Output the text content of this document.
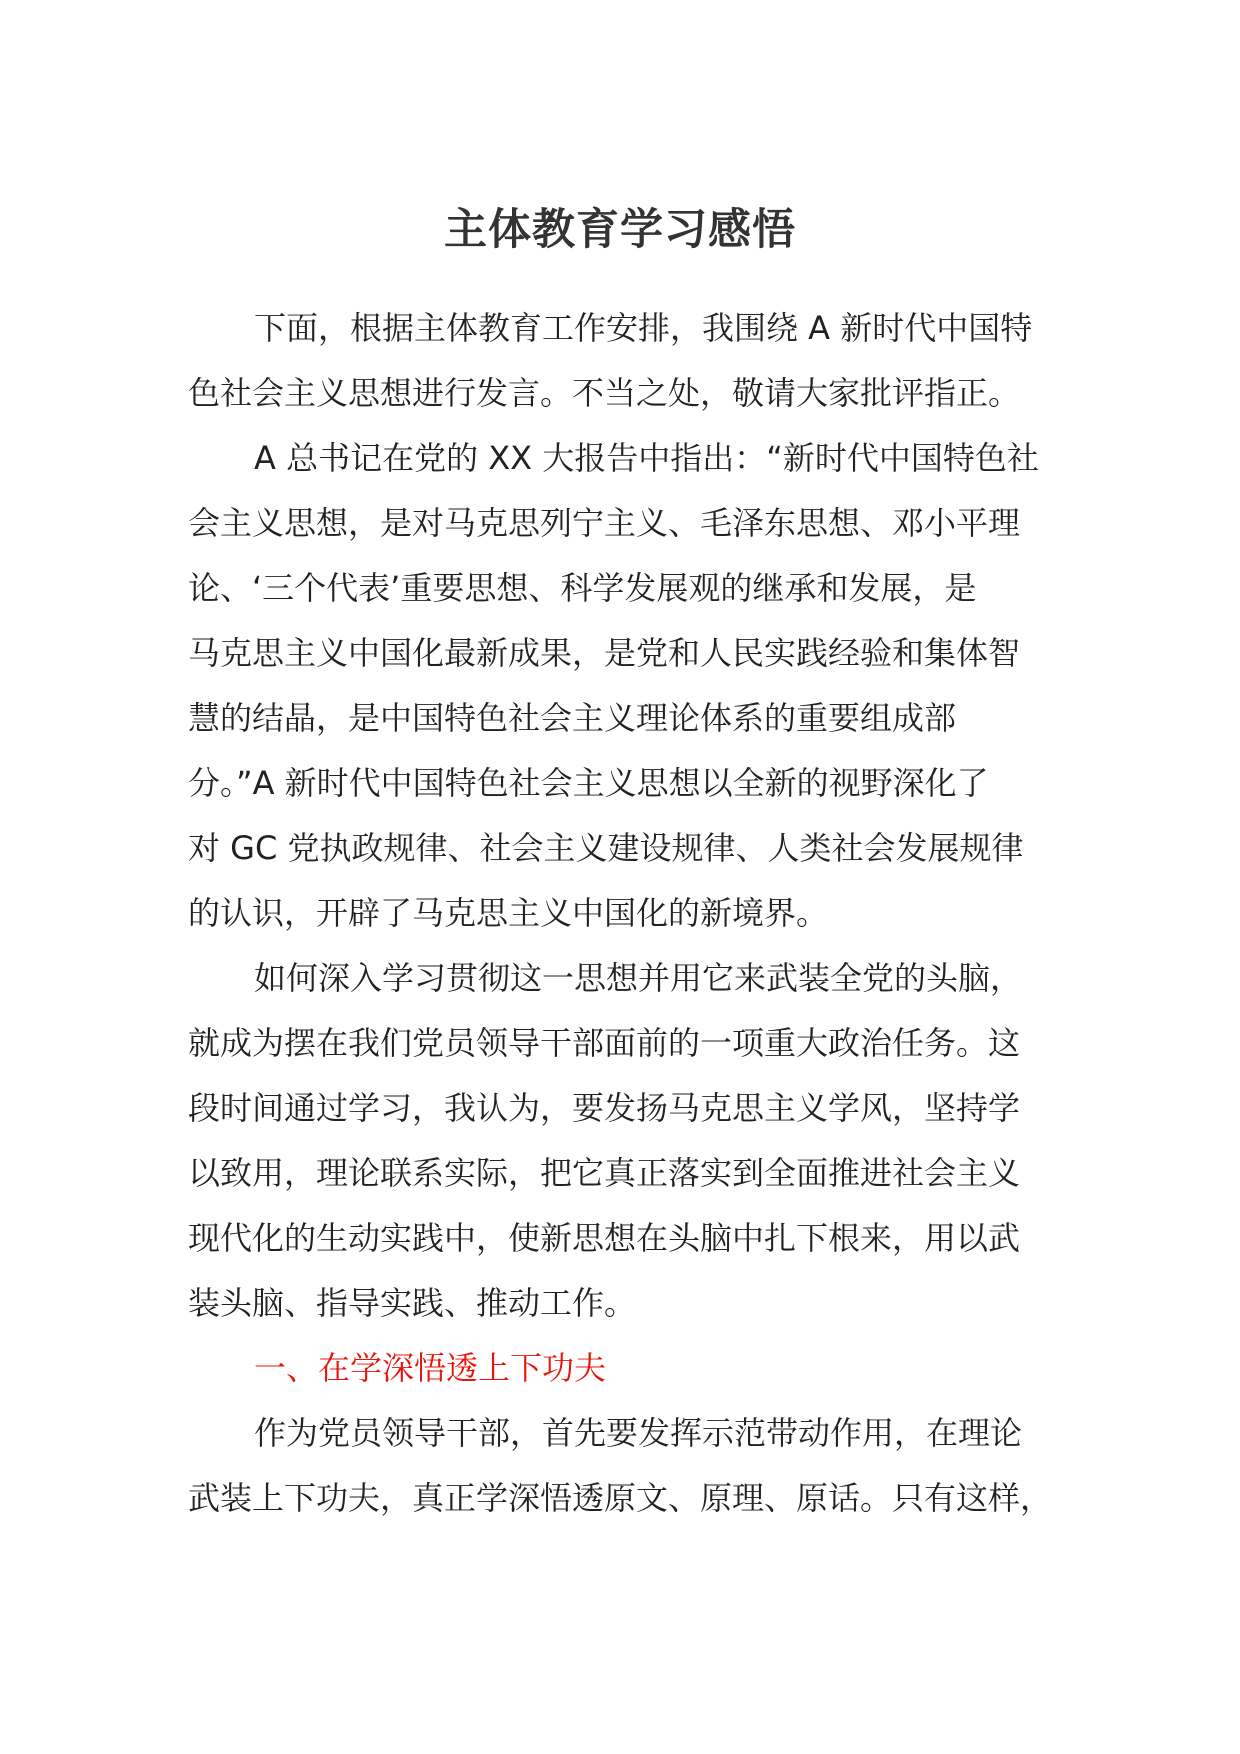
主体教育学习感悟
下面，根据主体教育工作安排，我围绕 A 新时代中国特
色社会主义思想进行发言。不当之处，敬请大家批评指正。
A 总书记在党的 XX 大报告中指出：“新时代中国特色社
会主义思想，是对马克思列宁主义、毛泽东思想、邓小平理
论、‘三个代表’重要思想、科学发展观的继承和发展，是
马克思主义中国化最新成果，是党和人民实践经验和集体智
慧的结晶，是中国特色社会主义理论体系的重要组成部
分。”A 新时代中国特色社会主义思想以全新的视野深化了
对 GC 党执政规律、社会主义建设规律、人类社会发展规律
的认识，开辟了马克思主义中国化的新境界。
如何深入学习贯彻这一思想并用它来武装全党的头脑，
就成为摆在我们党员领导干部面前的一项重大政治任务。这
段时间通过学习，我认为，要发扬马克思主义学风，坚持学
以致用，理论联系实际，把它真正落实到全面推进社会主义
现代化的生动实践中，使新思想在头脑中扎下根来，用以武
装头脑、指导实践、推动工作。
一、在学深悟透上下功夫
作为党员领导干部，首先要发挥示范带动作用，在理论
武装上下功夫，真正学深悟透原文、原理、原话。只有这样，
